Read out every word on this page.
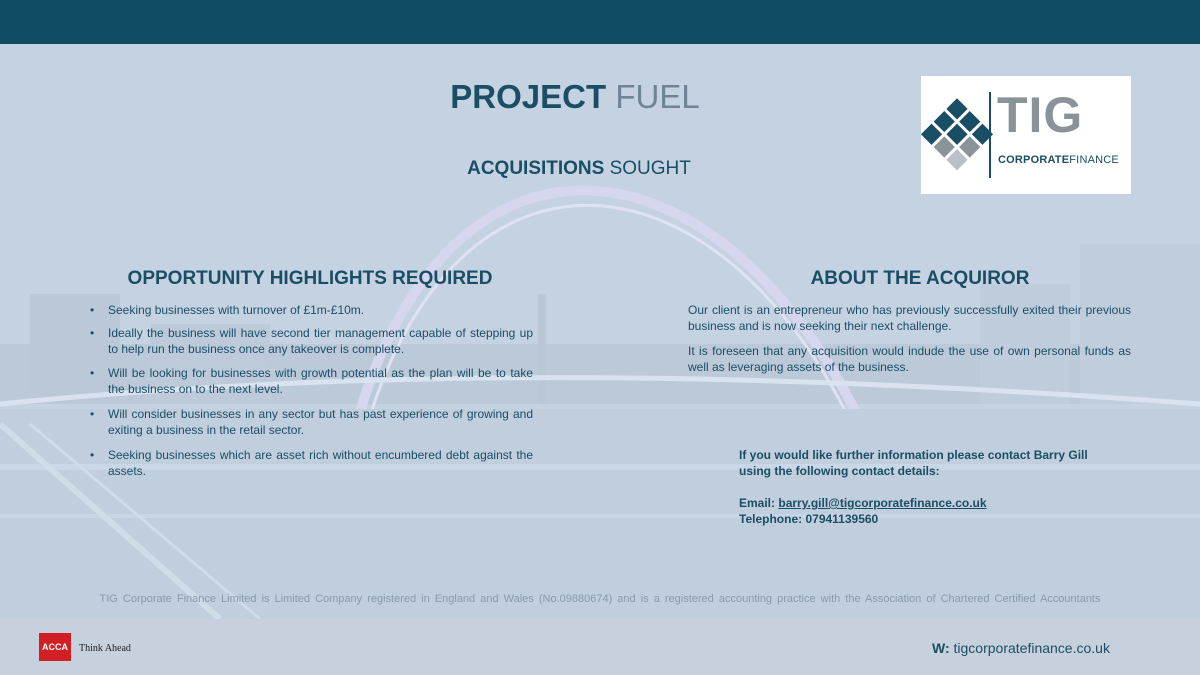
PROJECT FUEL
ACQUISITIONS SOUGHT
TIG
CORPORATEFINANCE
OPPORTUNITY HIGHLIGHTS REQUIRED
• Seeking businesses with turnover of £1m-£10m.
• Ideally the business will have second tier management capable of stepping up to help run the business once any takeover is complete.
• Will be looking for businesses with growth potential as the plan will be to take the business on to the next level.
• Will consider businesses in any sector but has past experience of growing and exiting a business in the retail sector.
• Seeking businesses which are asset rich without encumbered debt against the assets.
ABOUT THE ACQUIROR

Our client is an entrepreneur who has previously successfully exited their previous business and is now seeking their next challenge.

It is foreseen that any acquisition would indude the use of own personal funds as well as leveraging assets of the business.

If you would like further information please contact Barry Gill using the following contact details:
Email: barry.gill@tigcorporatefinance.co.uk
Telephone: 07941139560
TIG Corporate Finance Limited is Limited Company registered in England and Wales (No.09880674) and is a registered accounting practice with the Association of Chartered Certified Accountants
ACCA	Think Ahead	W: tigcorporatefinance.co.uk
